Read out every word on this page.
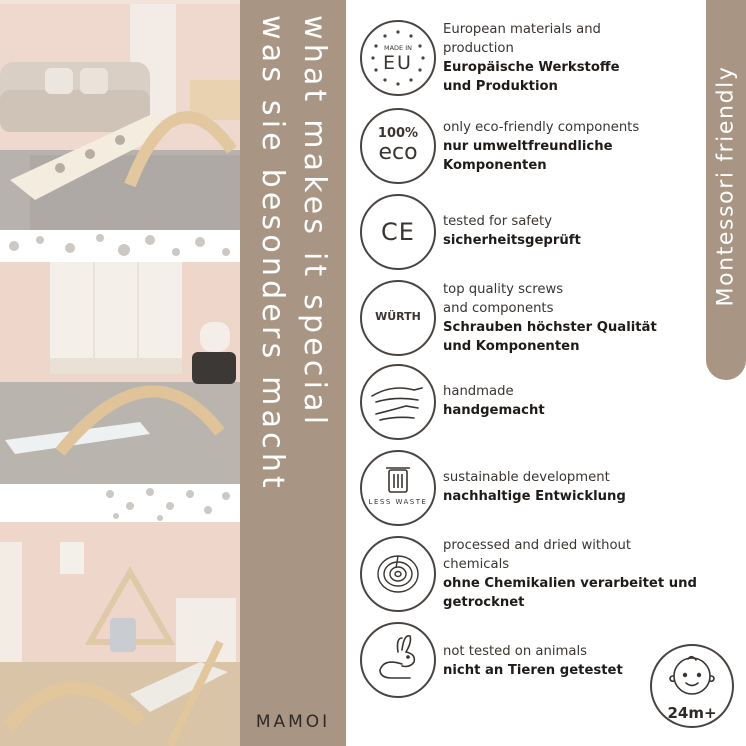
what makes it special
was sie besonders macht
MAMOI
Montessori friendly
MADE IN
EU
European materials and production
Europäische Werkstoffe und Produktion
100%
eco
only eco-friendly components
nur umweltfreundliche Komponenten
CE	tested for safety
sicherheitsgeprüft
WÜRTH
top quality screws and components
Schrauben höchster Qualität und Komponenten
handmade
handgemacht
LESS WASTE
sustainable development
nachhaltige Entwicklung
processed and dried without chemicals
ohne Chemikalien verarbeitet und getrocknet
not tested on animals
nicht an Tieren getestet
24m+
